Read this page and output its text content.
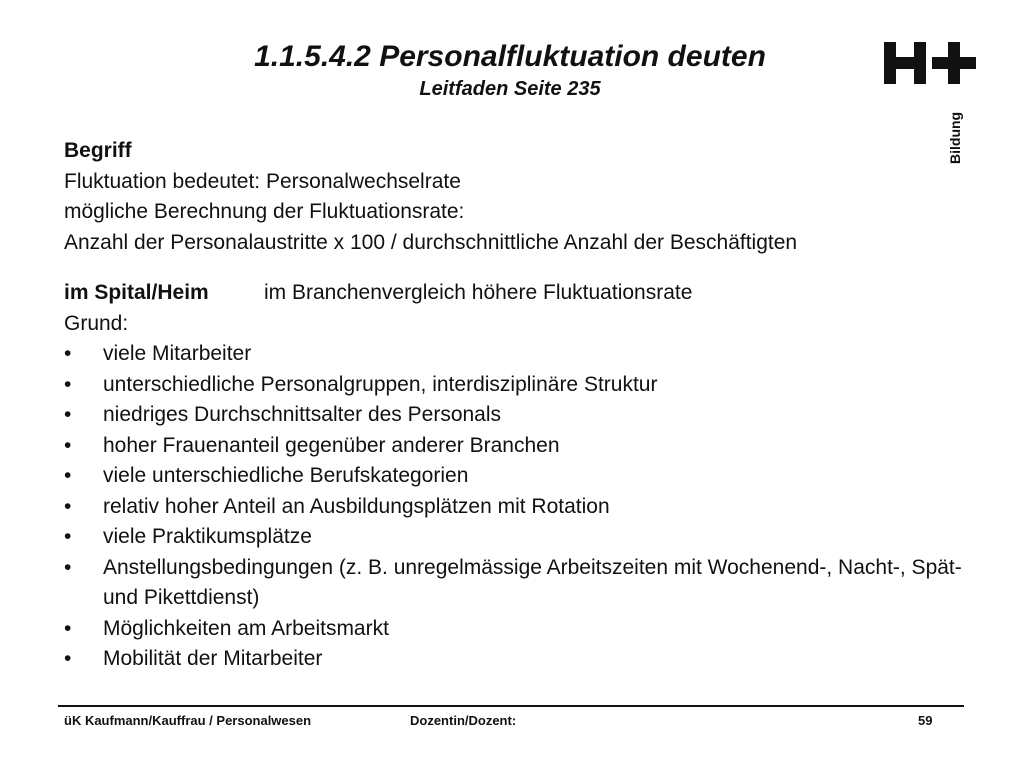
1.1.5.4.2 Personalfluktuation deuten
Leitfaden Seite 235
Bildung
Begriff
Fluktuation bedeutet: Personalwechselrate
mögliche Berechnung der Fluktuationsrate:
Anzahl der Personalaustritte x 100 / durchschnittliche Anzahl der Beschäftigten
im Spital/Heim	im Branchenvergleich höhere Fluktuationsrate
Grund:
• viele Mitarbeiter
• unterschiedliche Personalgruppen, interdisziplinäre Struktur
• niedriges Durchschnittsalter des Personals
• hoher Frauenanteil gegenüber anderer Branchen
• viele unterschiedliche Berufskategorien
• relativ hoher Anteil an Ausbildungsplätzen mit Rotation
• viele Praktikumsplätze
• Anstellungsbedingungen (z. B. unregelmässige Arbeitszeiten mit Wochenend-, Nacht-, Spät- und Pikettdienst)
• Möglichkeiten am Arbeitsmarkt
• Mobilität der Mitarbeiter
üK Kaufmann/Kauffrau / Personalwesen	Dozentin/Dozent:	59
